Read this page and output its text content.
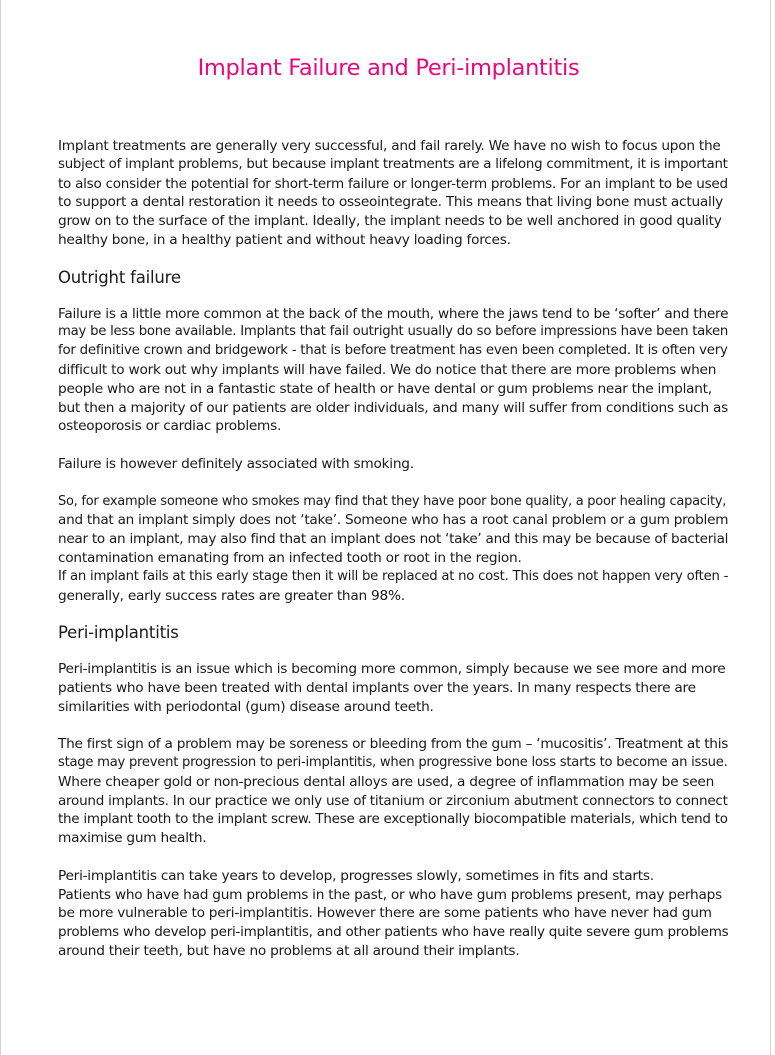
Implant Failure and Peri-implantitis

Implant treatments are generally very successful, and fail rarely. We have no wish to focus upon the
subject of implant problems, but because implant treatments are a lifelong commitment, it is important
to also consider the potential for short-term failure or longer-term problems. For an implant to be used
to support a dental restoration it needs to osseointegrate. This means that living bone must actually
grow on to the surface of the implant. Ideally, the implant needs to be well anchored in good quality
healthy bone, in a healthy patient and without heavy loading forces.

Outright failure

Failure is a little more common at the back of the mouth, where the jaws tend to be ‘softer’ and there
may be less bone available. Implants that fail outright usually do so before impressions have been taken
for definitive crown and bridgework - that is before treatment has even been completed. It is often very
difficult to work out why implants will have failed. We do notice that there are more problems when
people who are not in a fantastic state of health or have dental or gum problems near the implant,
but then a majority of our patients are older individuals, and many will suffer from conditions such as
osteoporosis or cardiac problems.

Failure is however definitely associated with smoking.

So, for example someone who smokes may find that they have poor bone quality, a poor healing capacity,
and that an implant simply does not ‘take’. Someone who has a root canal problem or a gum problem
near to an implant, may also find that an implant does not ‘take’ and this may be because of bacterial
contamination emanating from an infected tooth or root in the region.
If an implant fails at this early stage then it will be replaced at no cost. This does not happen very often -
generally, early success rates are greater than 98%.

Peri-implantitis

Peri-implantitis is an issue which is becoming more common, simply because we see more and more
patients who have been treated with dental implants over the years. In many respects there are
similarities with periodontal (gum) disease around teeth.

The first sign of a problem may be soreness or bleeding from the gum – ‘mucositis’. Treatment at this
stage may prevent progression to peri-implantitis, when progressive bone loss starts to become an issue.
Where cheaper gold or non-precious dental alloys are used, a degree of inflammation may be seen
around implants. In our practice we only use of titanium or zirconium abutment connectors to connect
the implant tooth to the implant screw. These are exceptionally biocompatible materials, which tend to
maximise gum health.

Peri-implantitis can take years to develop, progresses slowly, sometimes in fits and starts.
Patients who have had gum problems in the past, or who have gum problems present, may perhaps
be more vulnerable to peri-implantitis. However there are some patients who have never had gum
problems who develop peri-implantitis, and other patients who have really quite severe gum problems
around their teeth, but have no problems at all around their implants.
